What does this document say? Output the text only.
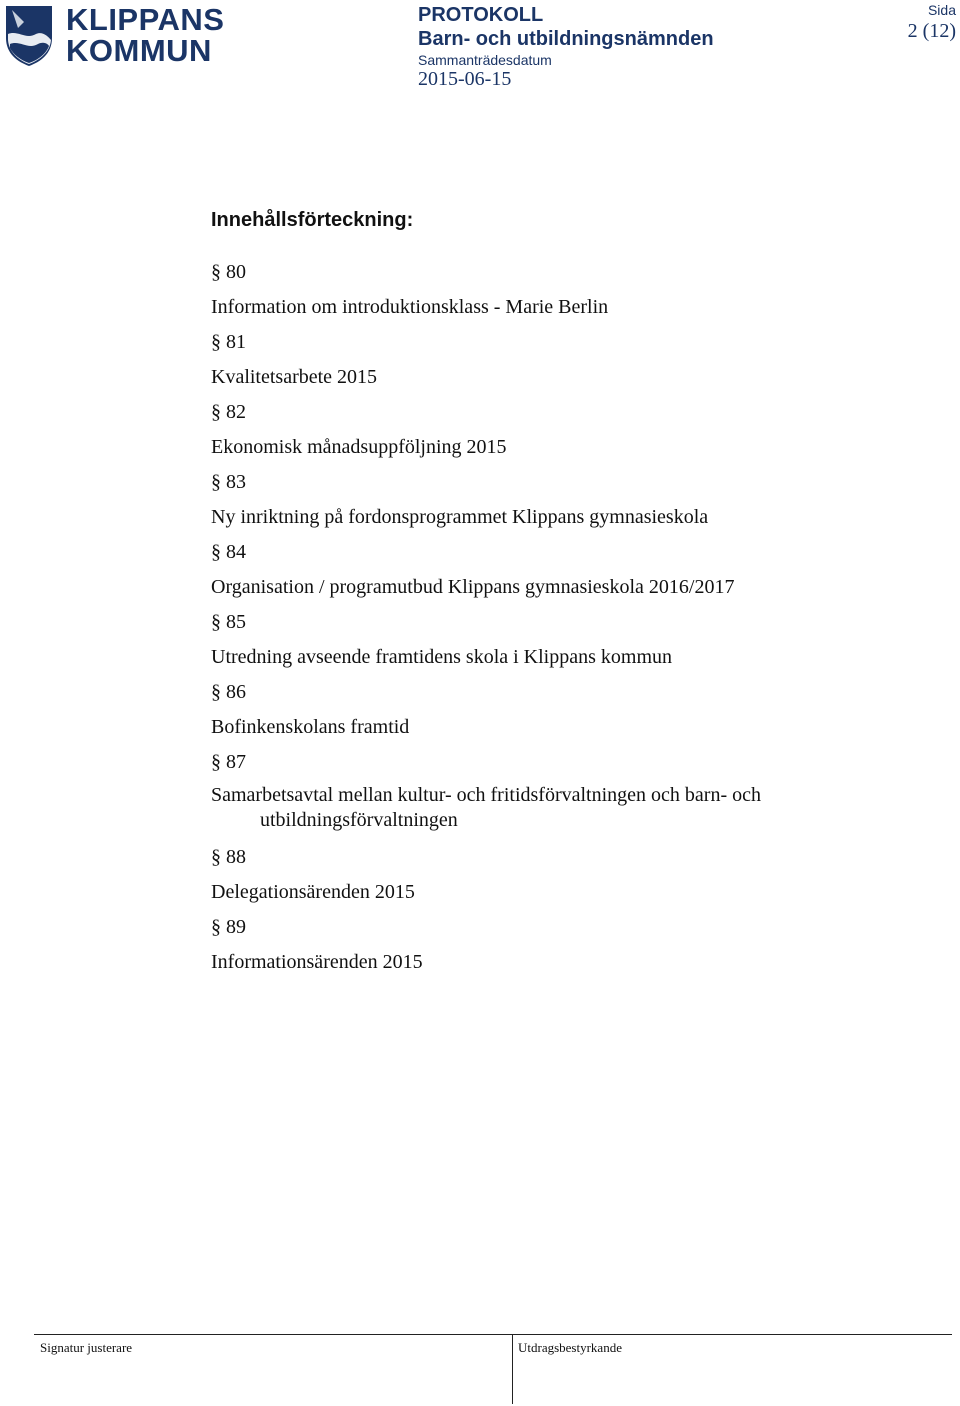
KLIPPANS
KOMMUN
PROTOKOLL
Barn- och utbildningsnämnden
Sammanträdesdatum
2015-06-15
Sida
2 (12)
Innehållsförteckning:
§ 80
Information om introduktionsklass - Marie Berlin
§ 81
Kvalitetsarbete 2015
§ 82
Ekonomisk månadsuppföljning 2015
§ 83
Ny inriktning på fordonsprogrammet Klippans gymnasieskola
§ 84
Organisation / programutbud Klippans gymnasieskola 2016/2017
§ 85
Utredning avseende framtidens skola i Klippans kommun
§ 86
Bofinkenskolans framtid
§ 87
Samarbetsavtal mellan kultur- och fritidsförvaltningen och barn- och utbildningsförvaltningen
§ 88
Delegationsärenden 2015
§ 89
Informationsärenden 2015
Signatur justerare	Utdragsbestyrkande
